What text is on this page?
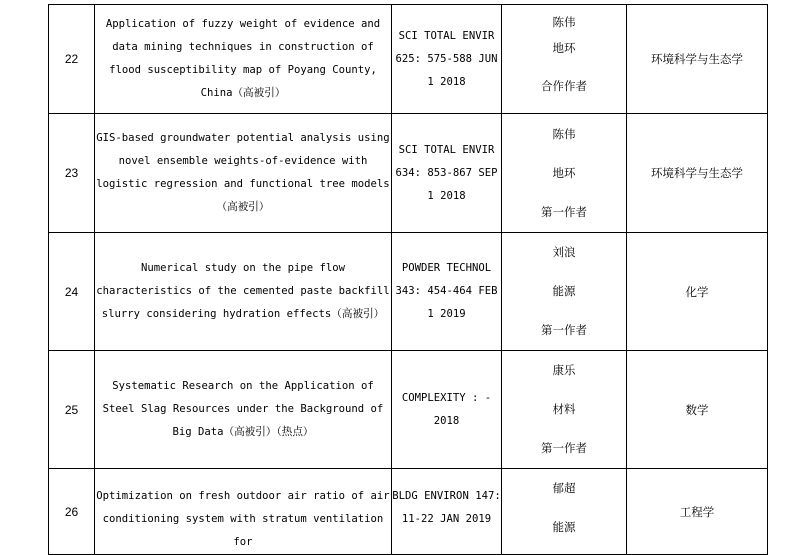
22	Application of fuzzy weight of evidence and data mining techniques in construction of flood susceptibility map of Poyang County, China（高被引）	SCI TOTAL ENVIR 625: 575-588 JUN 1 2018	陈伟
地环
合作作者	环境科学与生态学
23	GIS-based groundwater potential analysis using novel ensemble weights-of-evidence with logistic regression and functional tree models（高被引）	SCI TOTAL ENVIR 634: 853-867 SEP 1 2018	陈伟
地环
第一作者	环境科学与生态学
24	Numerical study on the pipe flow characteristics of the cemented paste backfill slurry considering hydration effects（高被引）	POWDER TECHNOL 343: 454-464 FEB 1 2019	刘浪
能源
第一作者	化学
25	Systematic Research on the Application of Steel Slag Resources under the Background of Big Data（高被引）（热点）	COMPLEXITY : - 2018	康乐
材料
第一作者	数学
26	Optimization on fresh outdoor air ratio of air conditioning system with stratum ventilation for	BLDG ENVIRON 147: 11-22 JAN 2019	郁超
能源	工程学
